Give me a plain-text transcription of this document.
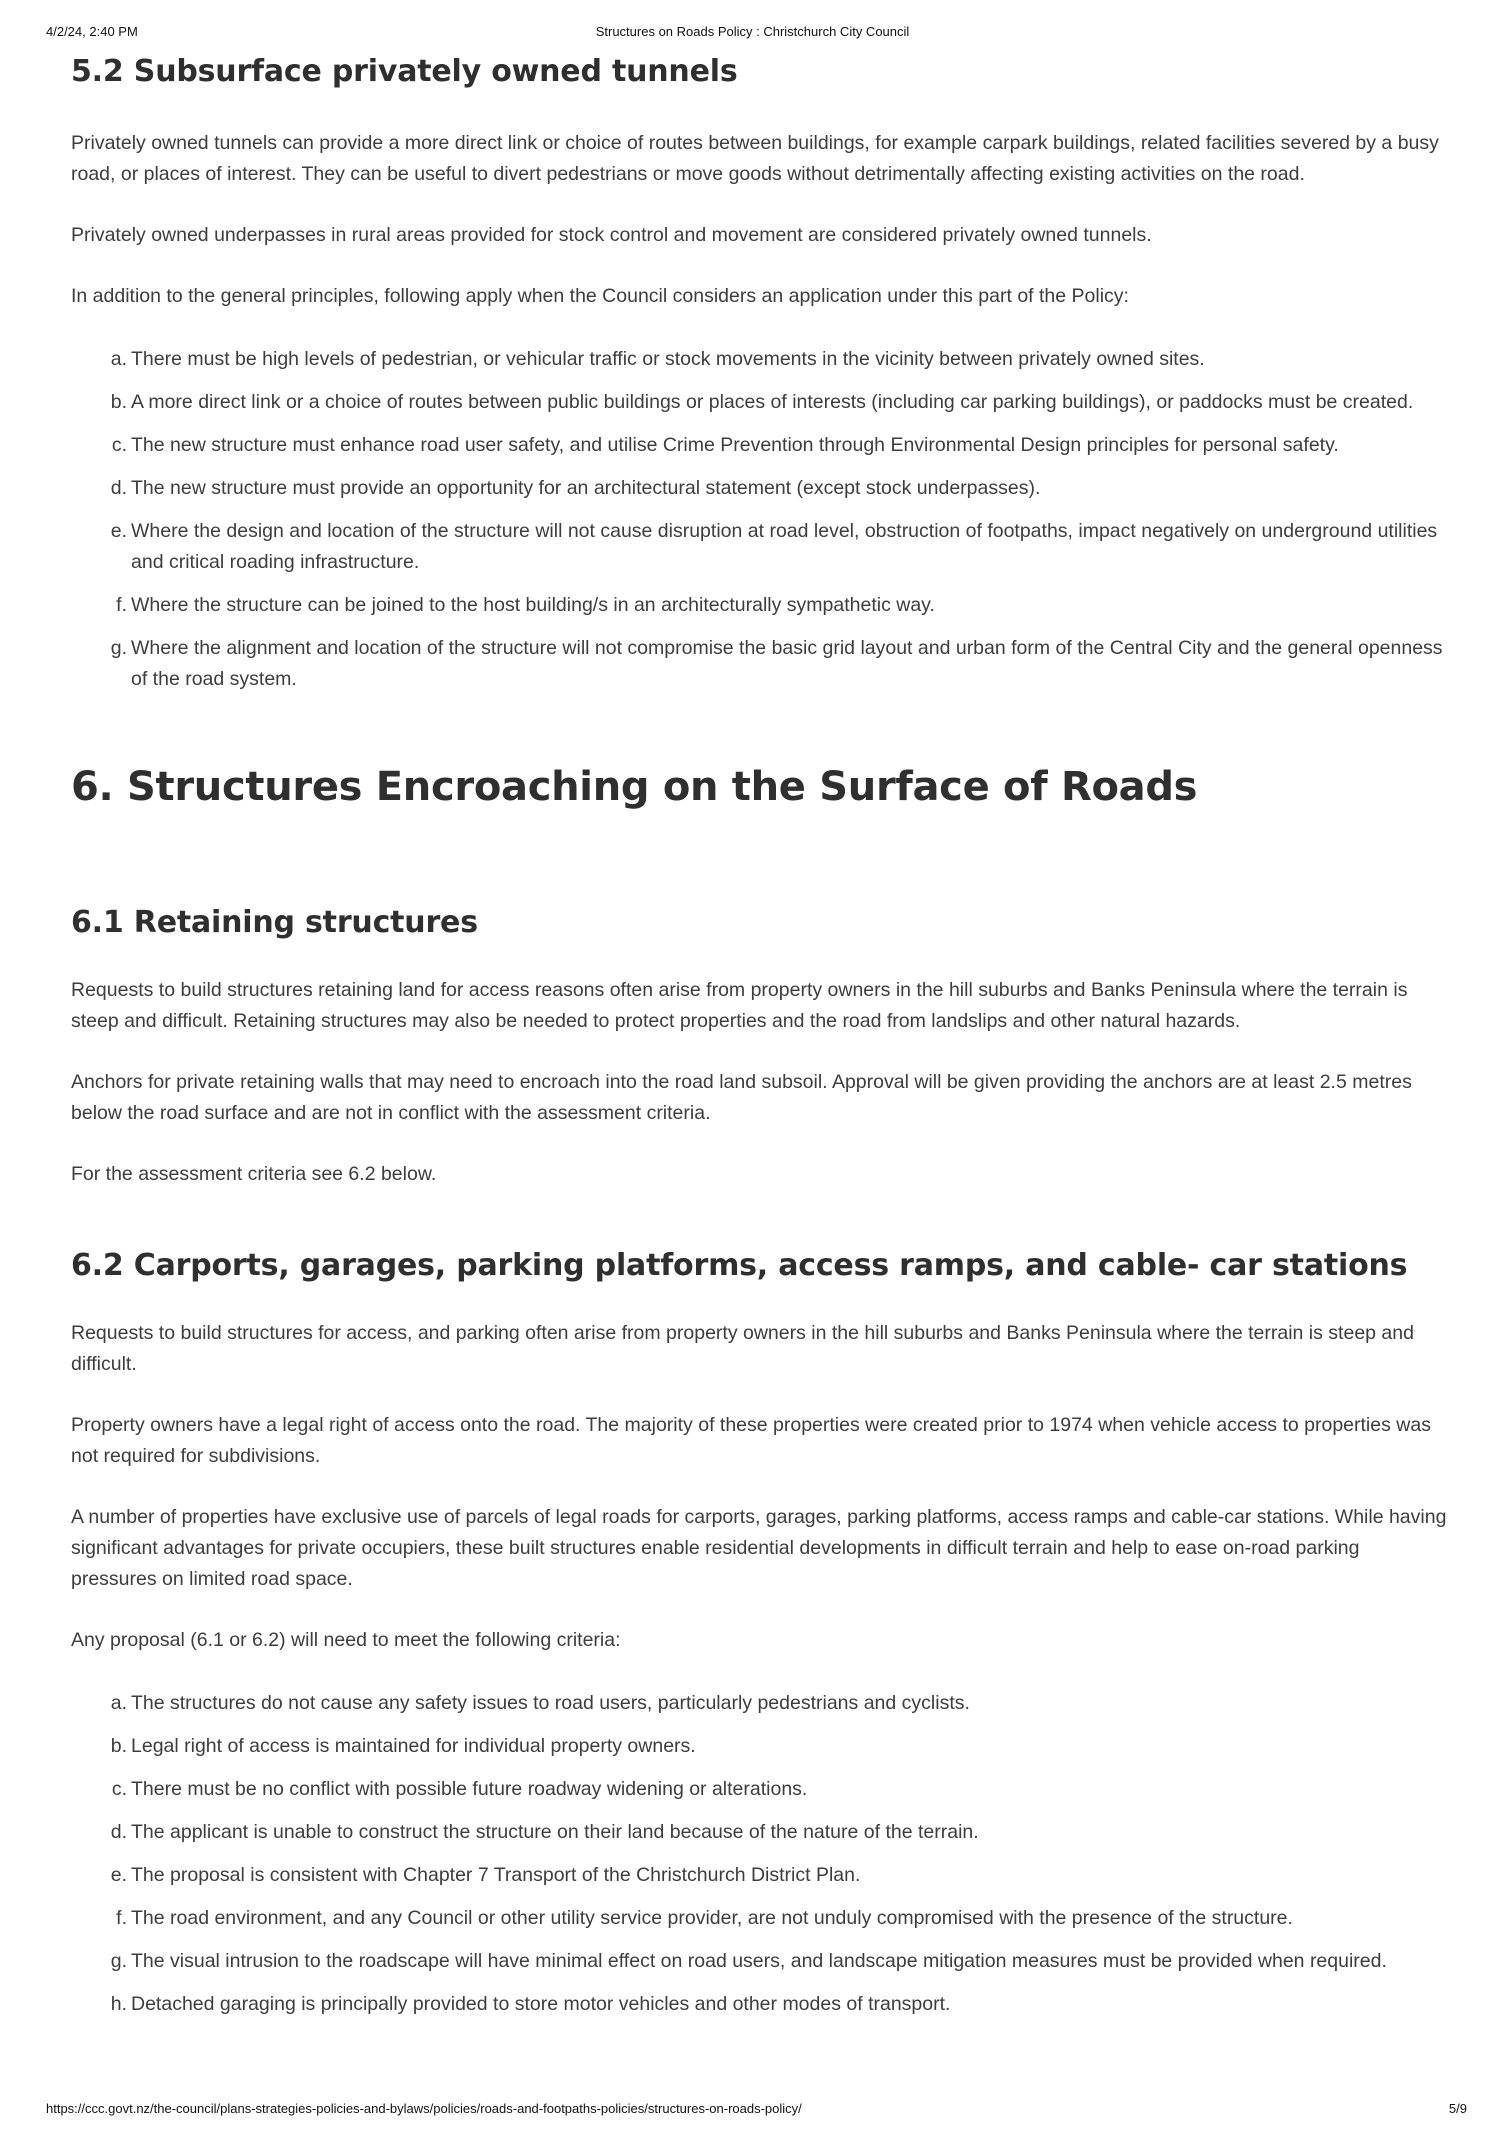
4/2/24, 2:40 PM	Structures on Roads Policy : Christchurch City Council
5.2 Subsurface privately owned tunnels

Privately owned tunnels can provide a more direct link or choice of routes between buildings, for example carpark buildings, related facilities severed by a busy road, or places of interest. They can be useful to divert pedestrians or move goods without detrimentally affecting existing activities on the road.

Privately owned underpasses in rural areas provided for stock control and movement are considered privately owned tunnels.

In addition to the general principles, following apply when the Council considers an application under this part of the Policy:

a. There must be high levels of pedestrian, or vehicular traffic or stock movements in the vicinity between privately owned sites.
b. A more direct link or a choice of routes between public buildings or places of interests (including car parking buildings), or paddocks must be created.
c. The new structure must enhance road user safety, and utilise Crime Prevention through Environmental Design principles for personal safety.
d. The new structure must provide an opportunity for an architectural statement (except stock underpasses).
e. Where the design and location of the structure will not cause disruption at road level, obstruction of footpaths, impact negatively on underground utilities and critical roading infrastructure.
f. Where the structure can be joined to the host building/s in an architecturally sympathetic way.
g. Where the alignment and location of the structure will not compromise the basic grid layout and urban form of the Central City and the general openness of the road system.
6. Structures Encroaching on the Surface of Roads
6.1 Retaining structures

Requests to build structures retaining land for access reasons often arise from property owners in the hill suburbs and Banks Peninsula where the terrain is steep and difficult. Retaining structures may also be needed to protect properties and the road from landslips and other natural hazards.

Anchors for private retaining walls that may need to encroach into the road land subsoil. Approval will be given providing the anchors are at least 2.5 metres below the road surface and are not in conflict with the assessment criteria.

For the assessment criteria see 6.2 below.

6.2 Carports, garages, parking platforms, access ramps, and cable- car stations

Requests to build structures for access, and parking often arise from property owners in the hill suburbs and Banks Peninsula where the terrain is steep and difficult.

Property owners have a legal right of access onto the road. The majority of these properties were created prior to 1974 when vehicle access to properties was not required for subdivisions.

A number of properties have exclusive use of parcels of legal roads for carports, garages, parking platforms, access ramps and cable-car stations. While having significant advantages for private occupiers, these built structures enable residential developments in difficult terrain and help to ease on-road parking pressures on limited road space.

Any proposal (6.1 or 6.2) will need to meet the following criteria:

a. The structures do not cause any safety issues to road users, particularly pedestrians and cyclists.
b. Legal right of access is maintained for individual property owners.
c. There must be no conflict with possible future roadway widening or alterations.
d. The applicant is unable to construct the structure on their land because of the nature of the terrain.
e. The proposal is consistent with Chapter 7 Transport of the Christchurch District Plan.
f. The road environment, and any Council or other utility service provider, are not unduly compromised with the presence of the structure.
g. The visual intrusion to the roadscape will have minimal effect on road users, and landscape mitigation measures must be provided when required.
h. Detached garaging is principally provided to store motor vehicles and other modes of transport.
https://ccc.govt.nz/the-council/plans-strategies-policies-and-bylaws/policies/roads-and-footpaths-policies/structures-on-roads-policy/	5/9
